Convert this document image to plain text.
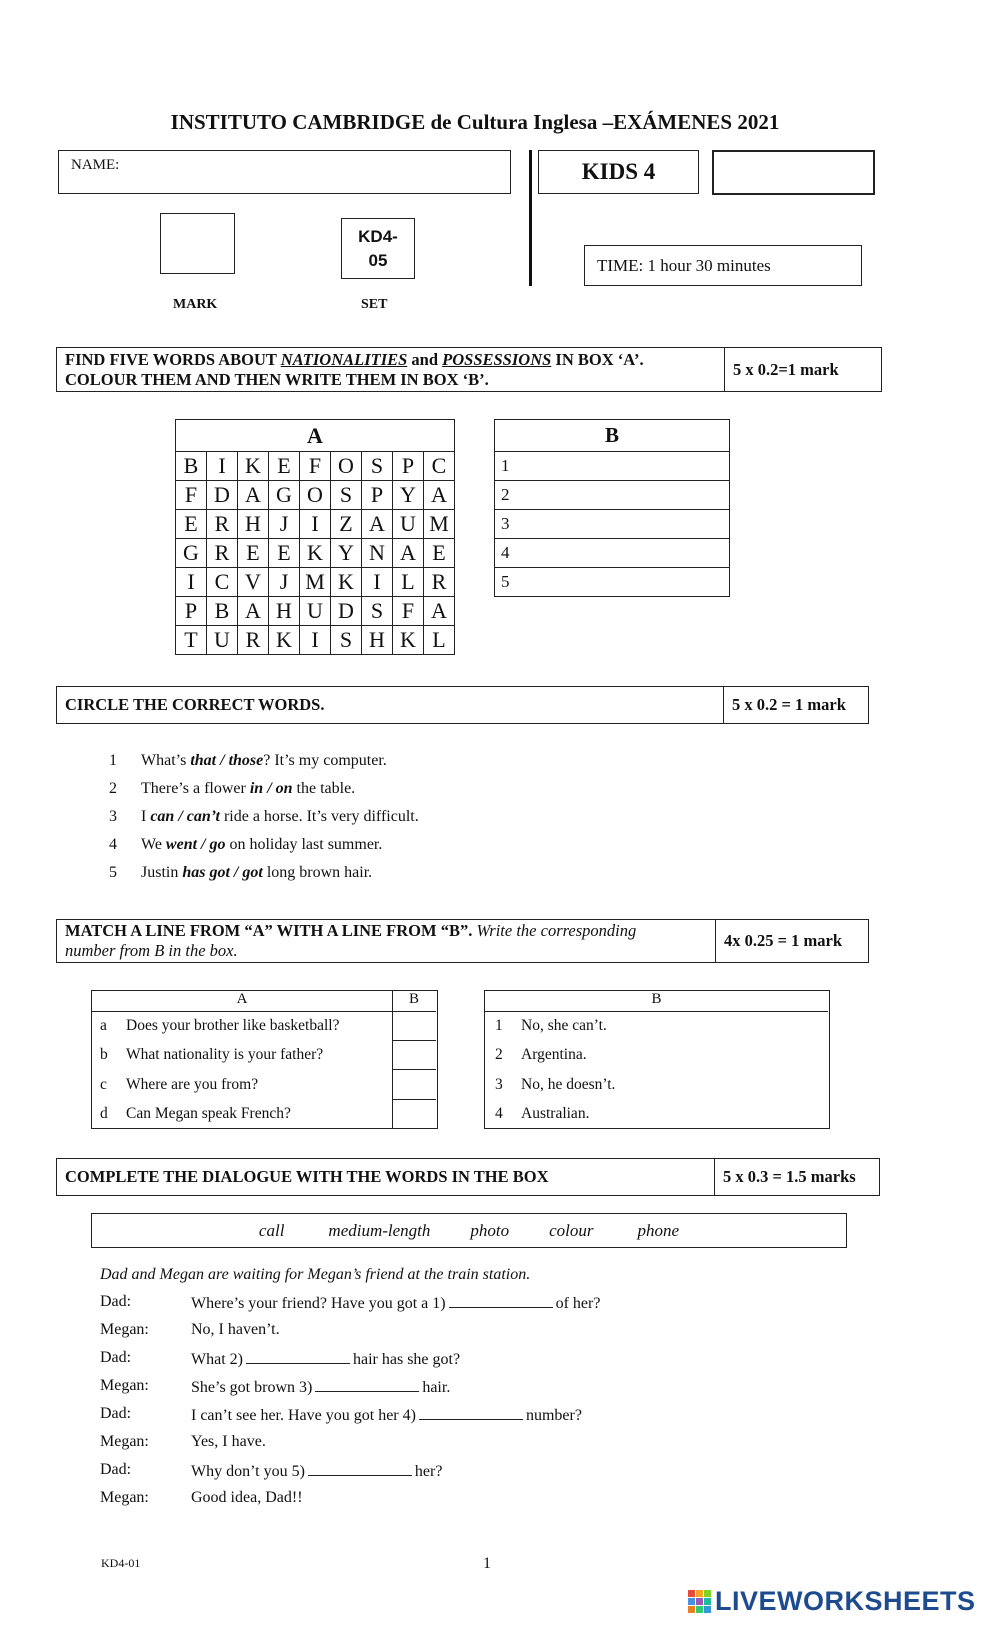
INSTITUTO CAMBRIDGE de Cultura Inglesa –EXÁMENES 2021
NAME:	KIDS 4
KD4-05
MARK	SET
TIME: 1 hour 30 minutes
FIND FIVE WORDS ABOUT NATIONALITIES and POSSESSIONS IN BOX ‘A’.
COLOUR THEM AND THEN WRITE THEM IN BOX ‘B’.
5 x 0.2=1 mark
A								
B	I	K	E	F	O	S	P	C
F	D	A	G	O	S	P	Y	A
E	R	H	J	I	Z	A	U	M
G	R	E	E	K	Y	N	A	E
I	C	V	J	M	K	I	L	R
P	B	A	H	U	D	S	F	A
T	U	R	K	I	S	H	K	L
B
1
2
3
4
5
CIRCLE THE CORRECT WORDS.	5 x 0.2 = 1 mark
1	What’s that / those? It’s my computer.
2	There’s a flower in / on the table.
3	I can / can’t ride a horse. It’s very difficult.
4	We went / go on holiday last summer.
5	Justin has got / got long brown hair.
MATCH A LINE FROM “A” WITH A LINE FROM “B”. Write the corresponding
number from B in the box.
4x 0.25 = 1 mark
A	B
a	Does your brother like basketball?
b	What nationality is your father?
c	Where are you from?
d	Can Megan speak French?
B
1	No, she can’t.
2	Argentina.
3	No, he doesn’t.
4	Australian.
COMPLETE THE DIALOGUE WITH THE WORDS IN THE BOX	5 x 0.3 = 1.5 marks
call	medium-length photo colour	phone
Dad and Megan are waiting for Megan’s friend at the train station.
Dad:	Where’s your friend? Have you got a 1)	of her?
Megan:	No, I haven’t.
Dad:	What 2)	hair has she got?
Megan:	She’s got brown 3)	hair.
Dad:	I can’t see her. Have you got her 4)	number?
Megan:	Yes, I have.
Dad:	Why don’t you 5)	her?
Megan:	Good idea, Dad!!
KD4-01	1
LIVEWORKSHEETS
